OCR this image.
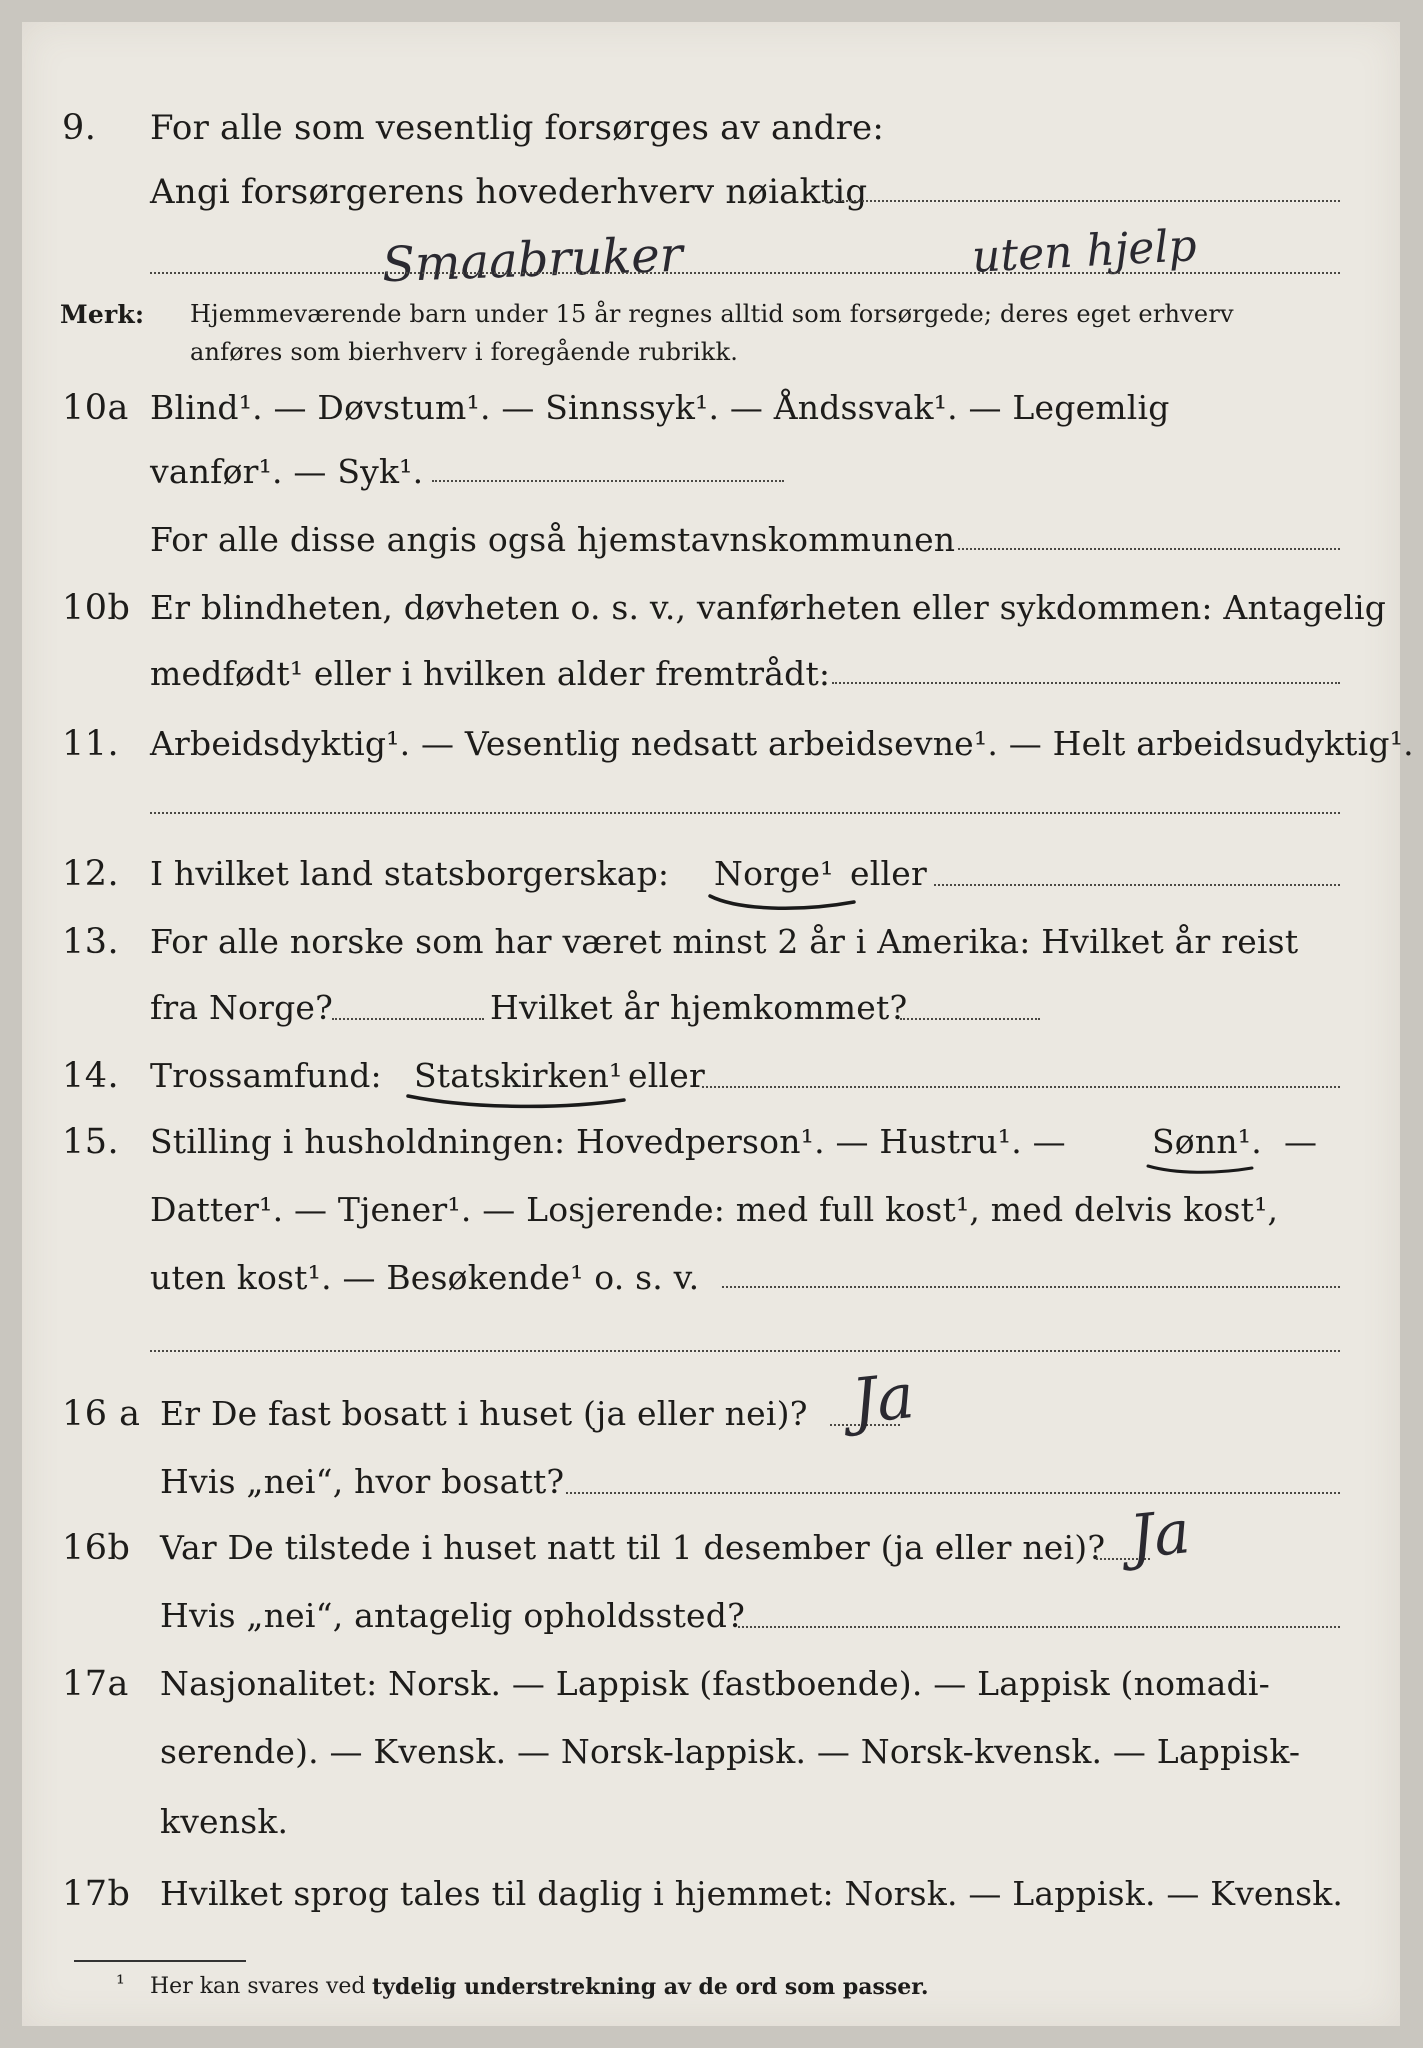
9. For alle som vesentlig forsørges av andre:
Angi forsørgerens hovederhverv nøiaktig
Smaabruker	uten hjelp
Merk: Hjemmeværende barn under 15 år regnes alltid som forsørgede; deres eget erhverv
anføres som bierhverv i foregående rubrikk.
10a Blind¹. — Døvstum¹. — Sinnssyk¹. — Åndssvak¹. — Legemlig
vanfør¹. — Syk¹.
For alle disse angis også hjemstavnskommunen
10b Er blindheten, døvheten o. s. v., vanførheten eller sykdommen: Antagelig
medfødt¹ eller i hvilken alder fremtrådt:
11. Arbeidsdyktig¹. — Vesentlig nedsatt arbeidsevne¹. — Helt arbeidsudyktig¹.
12. I hvilket land statsborgerskap: Norge¹ eller
13. For alle norske som har været minst 2 år i Amerika: Hvilket år reist
fra Norge?	Hvilket år hjemkommet?
14. Trossamfund: Statskirken¹ eller
15. Stilling i husholdningen: Hovedperson¹. — Hustru¹. —	Sønn¹. —
Datter¹. — Tjener¹. — Losjerende: med full kost¹, med delvis kost¹,
uten kost¹. — Besøkende¹ o. s. v.
16 a Er De fast bosatt i huset (ja eller nei)? Ja
Hvis „nei“, hvor bosatt?
16b Var De tilstede i huset natt til 1 desember (ja eller nei)? Ja
Hvis „nei“, antagelig opholdssted?
17a Nasjonalitet: Norsk. — Lappisk (fastboende). — Lappisk (nomadi-
serende). — Kvensk. — Norsk-lappisk. — Norsk-kvensk. — Lappisk-
kvensk.
17b Hvilket sprog tales til daglig i hjemmet: Norsk. — Lappisk. — Kvensk.
¹ Her kan svares ved tydelig understrekning av de ord som passer.
